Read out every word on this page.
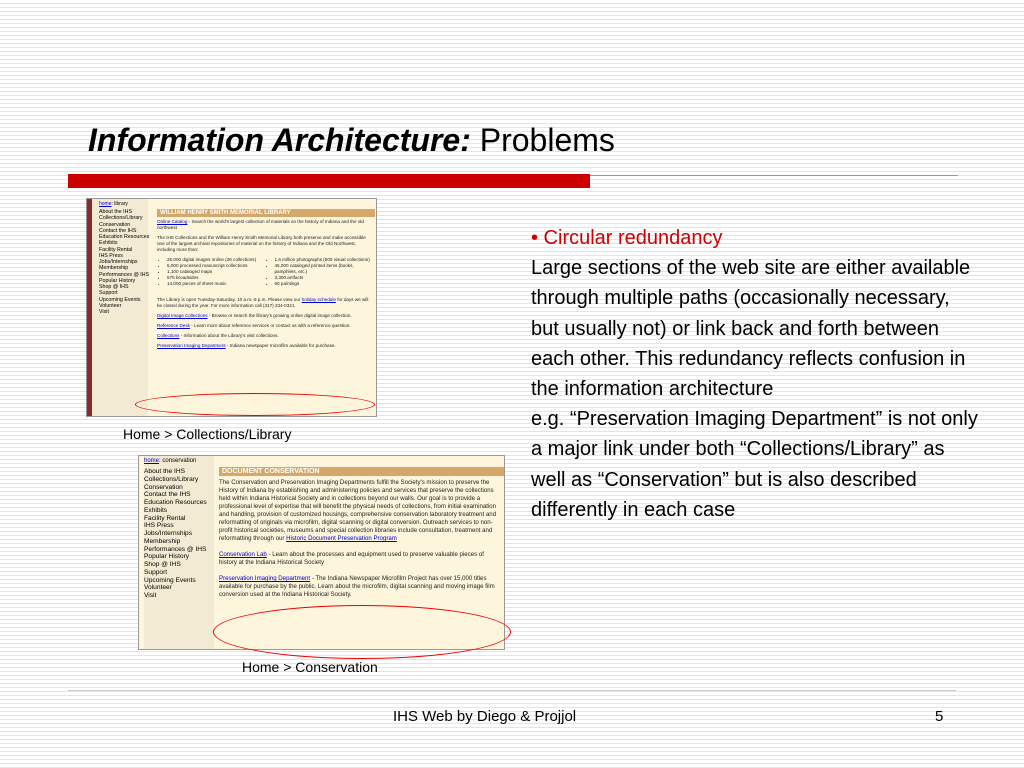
Information Architecture: Problems
home: library
About the IHS
Collections/Library
Conservation
Contact the IHS
Education Resources
Exhibits
Facility Rental
IHS Press
Jobs/Internships
Membership
Performances @ IHS
Popular History
Shop @ IHS
Support
Upcoming Events
Volunteer
Visit
WILLIAM HENRY SMITH MEMORIAL LIBRARY

Online Catalog - Search the world's largest collection of materials on the history of Indiana and the old northwest

The IHS Collections and the William Henry Smith Memorial Library both preserve and make accessible one of the largest archival repositories of material on the history of Indiana and the Old Northwest, including more than:

• 25,000 digital images online (26 collections)
• 5,000 processed manuscript collections
• 1,100 cataloged maps
• 575 broadsides
• 14,000 pieces of sheet music
• 1.6 million photographs (500 visual collections)
• 45,000 cataloged printed items (books, pamphlets, etc.)
• 3,300 artifacts
• 60 paintings

The Library is open Tuesday-Saturday, 10 a.m.-5 p.m. Please view our holiday schedule for days we will be closed during the year. For more information call (317) 234-0321.

Digital Image Collections - Browse or search the library's growing online digital image collection.

Reference Desk - Learn more about reference services or contact us with a reference question.

Collections - Information about the Library's visit collections.

Preservation Imaging Department - Indiana newspaper microfilm available for purchase.

Home > Collections/Library
home: conservation
About the IHS
Collections/Library
Conservation
Contact the IHS
Education Resources
Exhibits
Facility Rental
IHS Press
Jobs/Internships
Membership
Performances @ IHS
Popular History
Shop @ IHS
Support
Upcoming Events
Volunteer
Visit
DOCUMENT CONSERVATION

The Conservation and Preservation Imaging Departments fulfill the Society's mission to preserve the History of Indiana by establishing and administering policies and services that preserve the collections held within Indiana Historical Society and in collections beyond our walls. Our goal is to provide a professional level of expertise that will benefit the physical needs of collections, from initial examination and handling, provision of customized housings, comprehensive conservation laboratory treatment and reformatting of originals via microfilm, digital scanning or digital conversion. Outreach services to non-profit historical societies, museums and special collection libraries include consultation, treatment and reformatting through our Historic Document Preservation Program

Conservation Lab - Learn about the processes and equipment used to preserve valuable pieces of history at the Indiana Historical Society

Preservation Imaging Department - The Indiana Newspaper Microfilm Project has over 15,000 titles available for purchase by the public. Learn about the microfilm, digital scanning and moving image film conversion used at the Indiana Historical Society.

Home > Conservation
• Circular redundancy
Large sections of the web site are either available through multiple paths (occasionally necessary, but usually not) or link back and forth between each other. This redundancy reflects confusion in the information architecture
e.g. “Preservation Imaging Department” is not only a major link under both “Collections/Library” as well as “Conservation” but is also described differently in each case
IHS Web by Diego & Projjol	5
